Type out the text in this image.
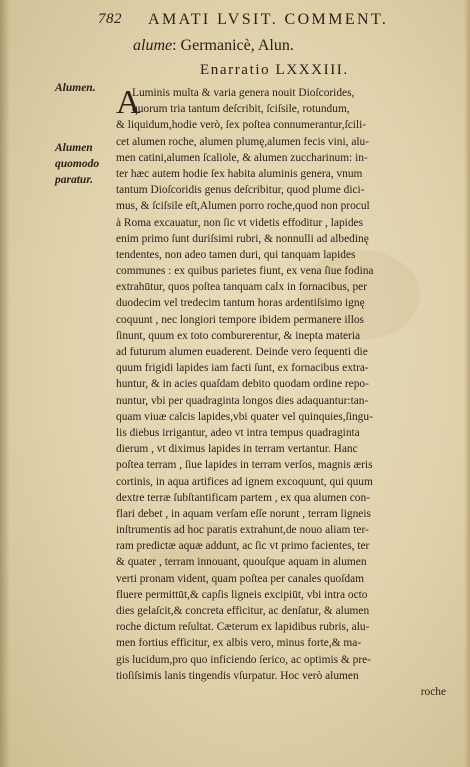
782 AMATI LVSIT. COMMENT.
alume: Germanicè, Alun.
Enarratio LXXXIII.
Alumen.
Alumen quomodo paratur.
A
Luminis multa & varia genera nouit Dioſcorides,
quorum tria tantum deſcribit, ſciſsile, rotundum,
& liquidum,hodie verò, ſex poſtea connumerantur,ſcili-
cet alumen roche, alumen plumę,alumen fecis vini, alu-
men catini,alumen ſcaliole, & alumen zuccharinum: in-
ter hæc autem hodie ſex habita aluminis genera, vnum
tantum Dioſcoridis genus deſcribitur, quod plume dici-
mus, & ſciſsile eſt,Alumen porro roche,quod non procul
à Roma excauatur, non ſic vt videtis effoditur , lapides
enim primo ſunt duriſsimi rubri, & nonnulli ad albedinę
tendentes, non adeo tamen duri, qui tanquam lapides
communes : ex quibus parietes fiunt, ex vena ſiue fodina
extrahūtur, quos poſtea tanquam calx in fornacibus, per
duodecim vel tredecim tantum horas ardentiſsimo ignę
coquunt , nec longiori tempore ibidem permanere illos
ſinunt, quum ex toto comburerentur, & inepta materia
ad futurum alumen euaderent. Deinde vero ſequenti die
quum frigidi lapides iam facti ſunt, ex fornacibus extra-
huntur, & in acies quaſdam debito quodam ordine repo-
nuntur, vbi per quadraginta longos dies adaquantur:tan-
quam viuæ calcis lapides,vbi quater vel quinquies,ſingu-
lis diebus irrigantur, adeo vt intra tempus quadraginta
dierum , vt diximus lapides in terram vertantur. Hanc
poſtea terram , ſiue lapides in terram verſos, magnis æris
cortinis, in aqua artifices ad ignem excoquunt, qui quum
dextre terræ ſubſtantificam partem , ex qua alumen con-
flari debet , in aquam verſam eſſe norunt , terram ligneis
inſtrumentis ad hoc paratis extrahunt,de nouo aliam ter-
ram predictæ aquæ addunt, ac ſic vt primo facientes, ter
& quater , terram innouant, quouſque aquam in alumen
verti pronam vident, quam poſtea per canales quoſdam
fluere permittūt,& capſis ligneis excipiūt, vbi intra octo
dies gelaſcit,& concreta efficitur, ac denſatur, & alumen
roche dictum reſultat. Cæterum ex lapidibus rubris, alu-
men fortius efficitur, ex albis vero, minus forte,& ma-
gis lucidum,pro quo inficiendo ſerico, ac optimis & pre-
tioſiſsimis lanis tingendis vſurpatur. Hoc verò alumen
roche
